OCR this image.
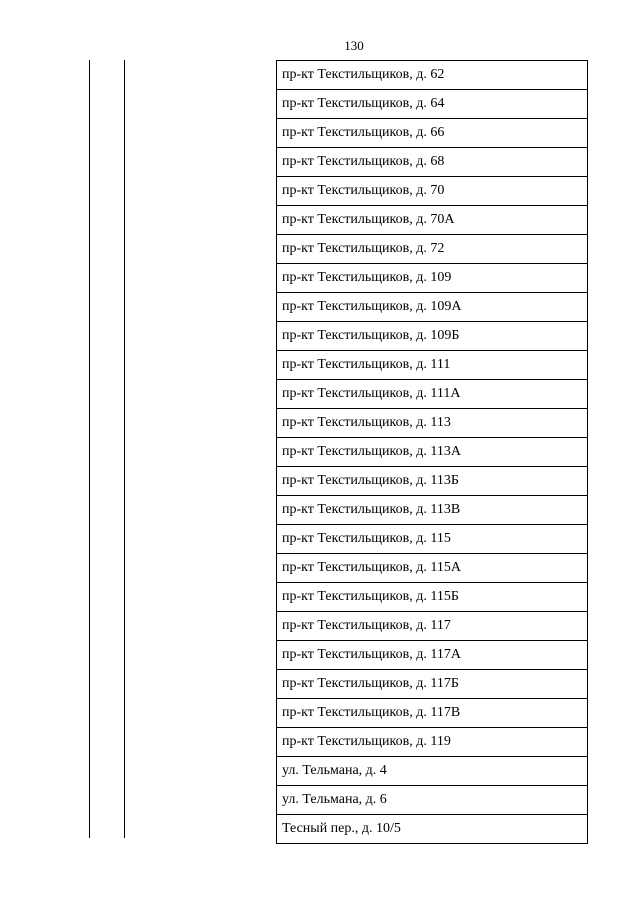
130
пр-кт Текстильщиков, д. 62
пр-кт Текстильщиков, д. 64
пр-кт Текстильщиков, д. 66
пр-кт Текстильщиков, д. 68
пр-кт Текстильщиков, д. 70
пр-кт Текстильщиков, д. 70А
пр-кт Текстильщиков, д. 72
пр-кт Текстильщиков, д. 109
пр-кт Текстильщиков, д. 109А
пр-кт Текстильщиков, д. 109Б
пр-кт Текстильщиков, д. 111
пр-кт Текстильщиков, д. 111А
пр-кт Текстильщиков, д. 113
пр-кт Текстильщиков, д. 113А
пр-кт Текстильщиков, д. 113Б
пр-кт Текстильщиков, д. 113В
пр-кт Текстильщиков, д. 115
пр-кт Текстильщиков, д. 115А
пр-кт Текстильщиков, д. 115Б
пр-кт Текстильщиков, д. 117
пр-кт Текстильщиков, д. 117А
пр-кт Текстильщиков, д. 117Б
пр-кт Текстильщиков, д. 117В
пр-кт Текстильщиков, д. 119
ул. Тельмана, д. 4
ул. Тельмана, д. 6
Тесный пер., д. 10/5
